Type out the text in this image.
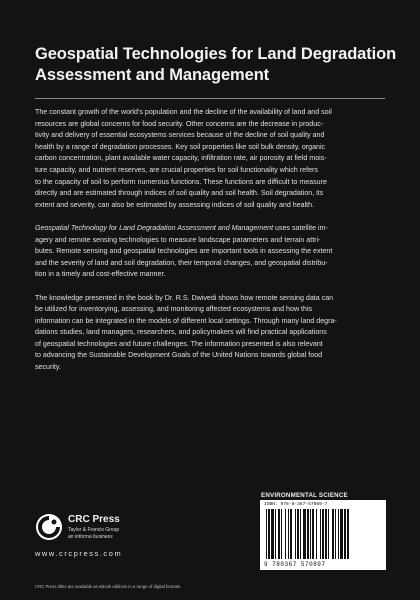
Geospatial Technologies for Land Degradation
Assessment and Management
The constant growth of the world’s population and the decline of the availability of land and soil
resources are global concerns for food security. Other concerns are the decrease in produc-
tivity and delivery of essential ecosystems services because of the decline of soil quality and
health by a range of degradation processes. Key soil properties like soil bulk density, organic
carbon concentration, plant available water capacity, infiltration rate, air porosity at field mois-
ture capacity, and nutrient reserves, are crucial properties for soil functionality which refers
to the capacity of soil to perform numerous functions. These functions are difficult to measure
directly and are estimated through indices of soil quality and soil health. Soil degradation, its
extent and severity, can also be estimated by assessing indices of soil quality and health.
Geospatial Technology for Land Degradation Assessment and Management uses satellite im-
agery and remote sensing technologies to measure landscape parameters and terrain attri-
butes. Remote sensing and geospatial technologies are important tools in assessing the extent
and the severity of land and soil degradation, their temporal changes, and geospatial distribu-
tion in a timely and cost-effective manner.
The knowledge presented in the book by Dr. R.S. Dwivedi shows how remote sensing data can
be utilized for inventorying, assessing, and monitoring affected ecosystems and how this
information can be integrated in the models of different local settings. Through many land degra-
dations studies, land managers, researchers, and policymakers will find practical applications
of geospatial technologies and future challenges. The information presented is also relevant
to advancing the Sustainable Development Goals of the United Nations towards global food
security.
ENVIRONMENTAL SCIENCE
ISBN: 978-0-367-57089-7
9 780367 570897
CRC Press
Taylor & Francis Group
an informa business
www.crcpress.com
CRC Press titles are available as eBook editions in a range of digital formats
